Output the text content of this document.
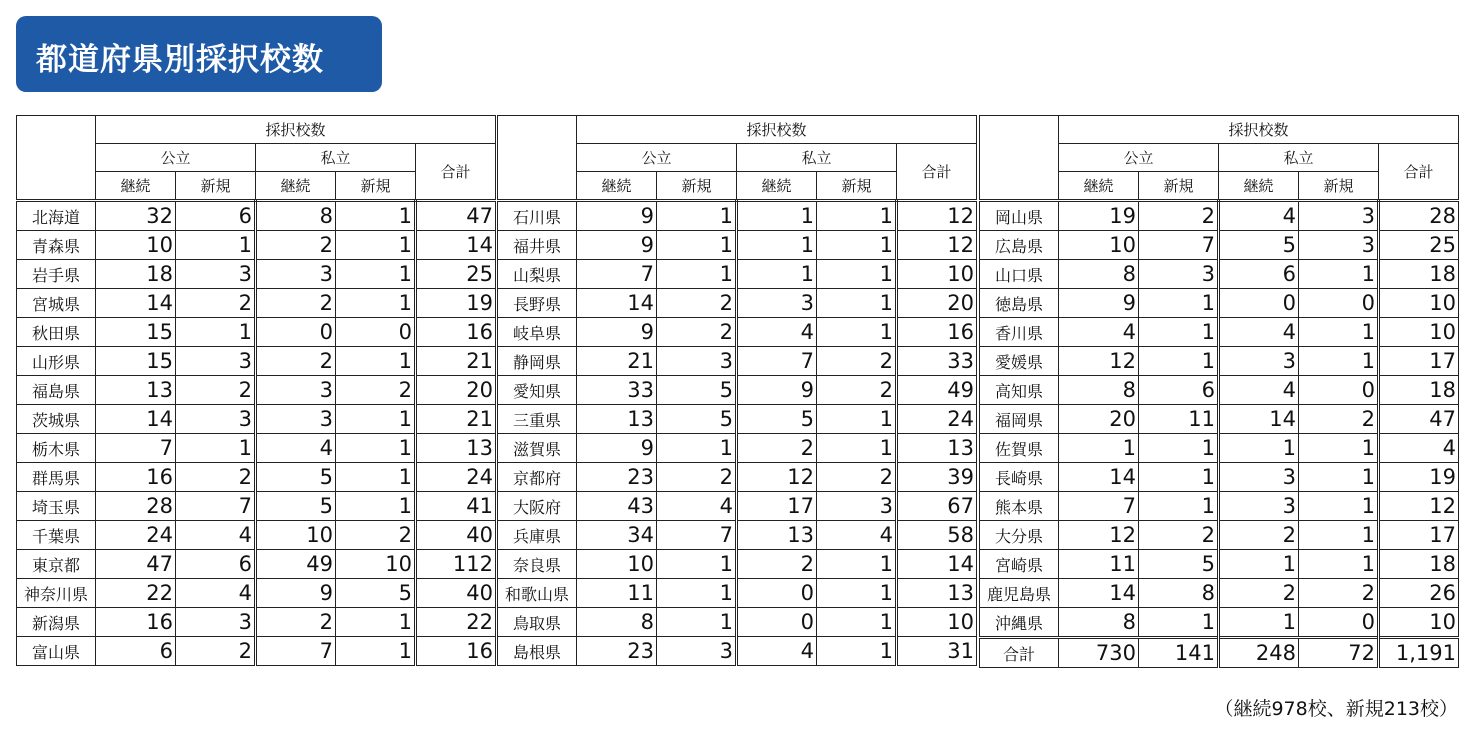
都道府県別採択校数
	採択校数				
	公立		私立		合計
	継続	新規	継続	新規	
北海道	32	6	8	1	47
青森県	10	1	2	1	14
岩手県	18	3	3	1	25
宮城県	14	2	2	1	19
秋田県	15	1	0	0	16
山形県	15	3	2	1	21
福島県	13	2	3	2	20
茨城県	14	3	3	1	21
栃木県	7	1	4	1	13
群馬県	16	2	5	1	24
埼玉県	28	7	5	1	41
千葉県	24	4	10	2	40
東京都	47	6	49	10	112
神奈川県	22	4	9	5	40
新潟県	16	3	2	1	22
富山県	6	2	7	1	16
	採択校数				
	公立		私立		合計
	継続	新規	継続	新規	
石川県	9	1	1	1	12
福井県	9	1	1	1	12
山梨県	7	1	1	1	10
長野県	14	2	3	1	20
岐阜県	9	2	4	1	16
静岡県	21	3	7	2	33
愛知県	33	5	9	2	49
三重県	13	5	5	1	24
滋賀県	9	1	2	1	13
京都府	23	2	12	2	39
大阪府	43	4	17	3	67
兵庫県	34	7	13	4	58
奈良県	10	1	2	1	14
和歌山県	11	1	0	1	13
鳥取県	8	1	0	1	10
島根県	23	3	4	1	31
	採択校数				
	公立		私立		合計
	継続	新規	継続	新規	
岡山県	19	2	4	3	28
広島県	10	7	5	3	25
山口県	8	3	6	1	18
徳島県	9	1	0	0	10
香川県	4	1	4	1	10
愛媛県	12	1	3	1	17
高知県	8	6	4	0	18
福岡県	20	11	14	2	47
佐賀県	1	1	1	1	4
長崎県	14	1	3	1	19
熊本県	7	1	3	1	12
大分県	12	2	2	1	17
宮崎県	11	5	1	1	18
鹿児島県	14	8	2	2	26
沖縄県	8	1	1	0	10
合計	730	141	248	72	1,191
（継続978校、新規213校）
